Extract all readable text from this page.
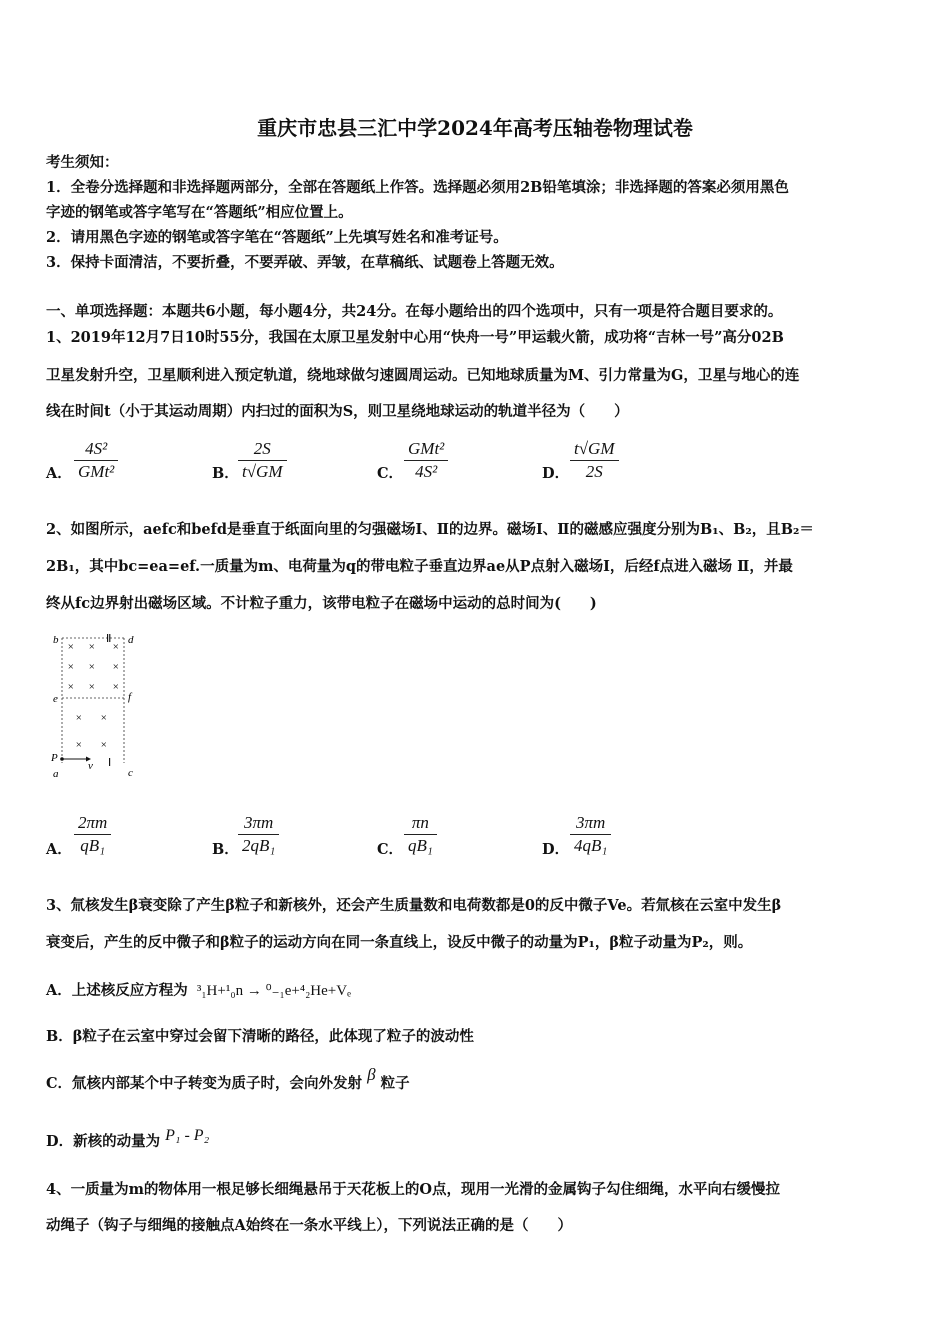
重庆市忠县三汇中学2024年高考压轴卷物理试卷
考生须知：
1．全卷分选择题和非选择题两部分，全部在答题纸上作答。选择题必须用2B铅笔填涂；非选择题的答案必须用黑色
字迹的钢笔或答字笔写在“答题纸”相应位置上。
2．请用黑色字迹的钢笔或答字笔在“答题纸”上先填写姓名和准考证号。
3．保持卡面清洁，不要折叠，不要弄破、弄皱，在草稿纸、试题卷上答题无效。
一、单项选择题：本题共6小题，每小题4分，共24分。在每小题给出的四个选项中，只有一项是符合题目要求的。
1、2019年12月7日10时55分，我国在太原卫星发射中心用“快舟一号”甲运载火箭，成功将“吉林一号”高分02B
卫星发射升空，卫星顺利进入预定轨道，绕地球做匀速圆周运动。已知地球质量为M、引力常量为G，卫星与地心的连
线在时间t（小于其运动周期）内扫过的面积为S，则卫星绕地球运动的轨道半径为（　　）
A．
4S²
GMt²	B．
2S
t√GM	C．
GMt²
4S²	D．
t√GM
2S
2、如图所示，aefc和befd是垂直于纸面向里的匀强磁场Ⅰ、Ⅱ的边界。磁场Ⅰ、Ⅱ的磁感应强度分别为B₁、B₂，且B₂＝
2B₁，其中bc=ea=ef.一质量为m、电荷量为q的带电粒子垂直边界ae从P点射入磁场Ⅰ，后经f点进入磁场 Ⅱ，并最
终从fc边界射出磁场区域。不计粒子重力，该带电粒子在磁场中运动的总时间为(　　)
b	Ⅱ d
e	f
P
v Ⅰ
a	c
× × ×
× × ×
× × ×
× ×
× ×
A．
2πm
qB₁	B．
3πm
2qB₁	C．
πn
qB₁	D．
3πm
4qB₁
3、氚核发生β衰变除了产生β粒子和新核外，还会产生质量数和电荷数都是0的反中微子Ve。若氚核在云室中发生β
衰变后，产生的反中微子和β粒子的运动方向在同一条直线上，设反中微子的动量为P₁，β粒子动量为P₂，则。
A．上述核反应方程为 ³₁H+¹₀n → ⁰₋₁e+⁴₂He+Vₑ
B．β粒子在云室中穿过会留下清晰的路径，此体现了粒子的波动性
C．氚核内部某个中子转变为质子时，会向外发射 β 粒子
D．新核的动量为 P₁ - P₂
4、一质量为m的物体用一根足够长细绳悬吊于天花板上的O点，现用一光滑的金属钩子勾住细绳，水平向右缓慢拉
动绳子（钩子与细绳的接触点A始终在一条水平线上），下列说法正确的是（　　）
